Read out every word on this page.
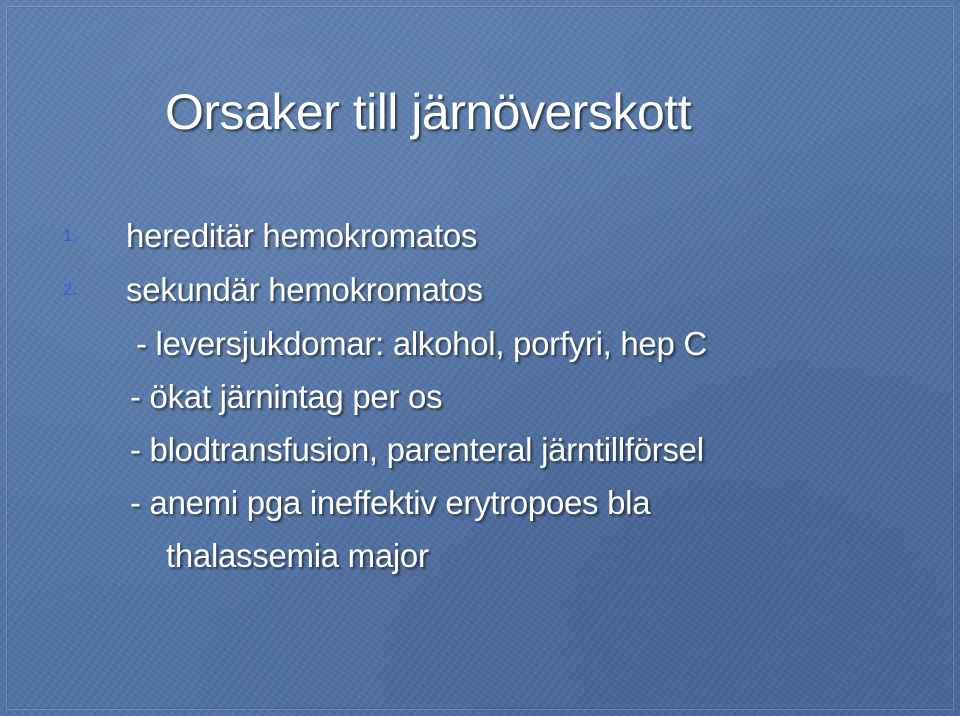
Orsaker till järnöverskott
1. hereditär hemokromatos
2. sekundär hemokromatos
- leversjukdomar: alkohol, porfyri, hep C
- ökat järnintag per os
- blodtransfusion, parenteral järntillförsel
- anemi pga ineffektiv erytropoes bla
thalassemia major
